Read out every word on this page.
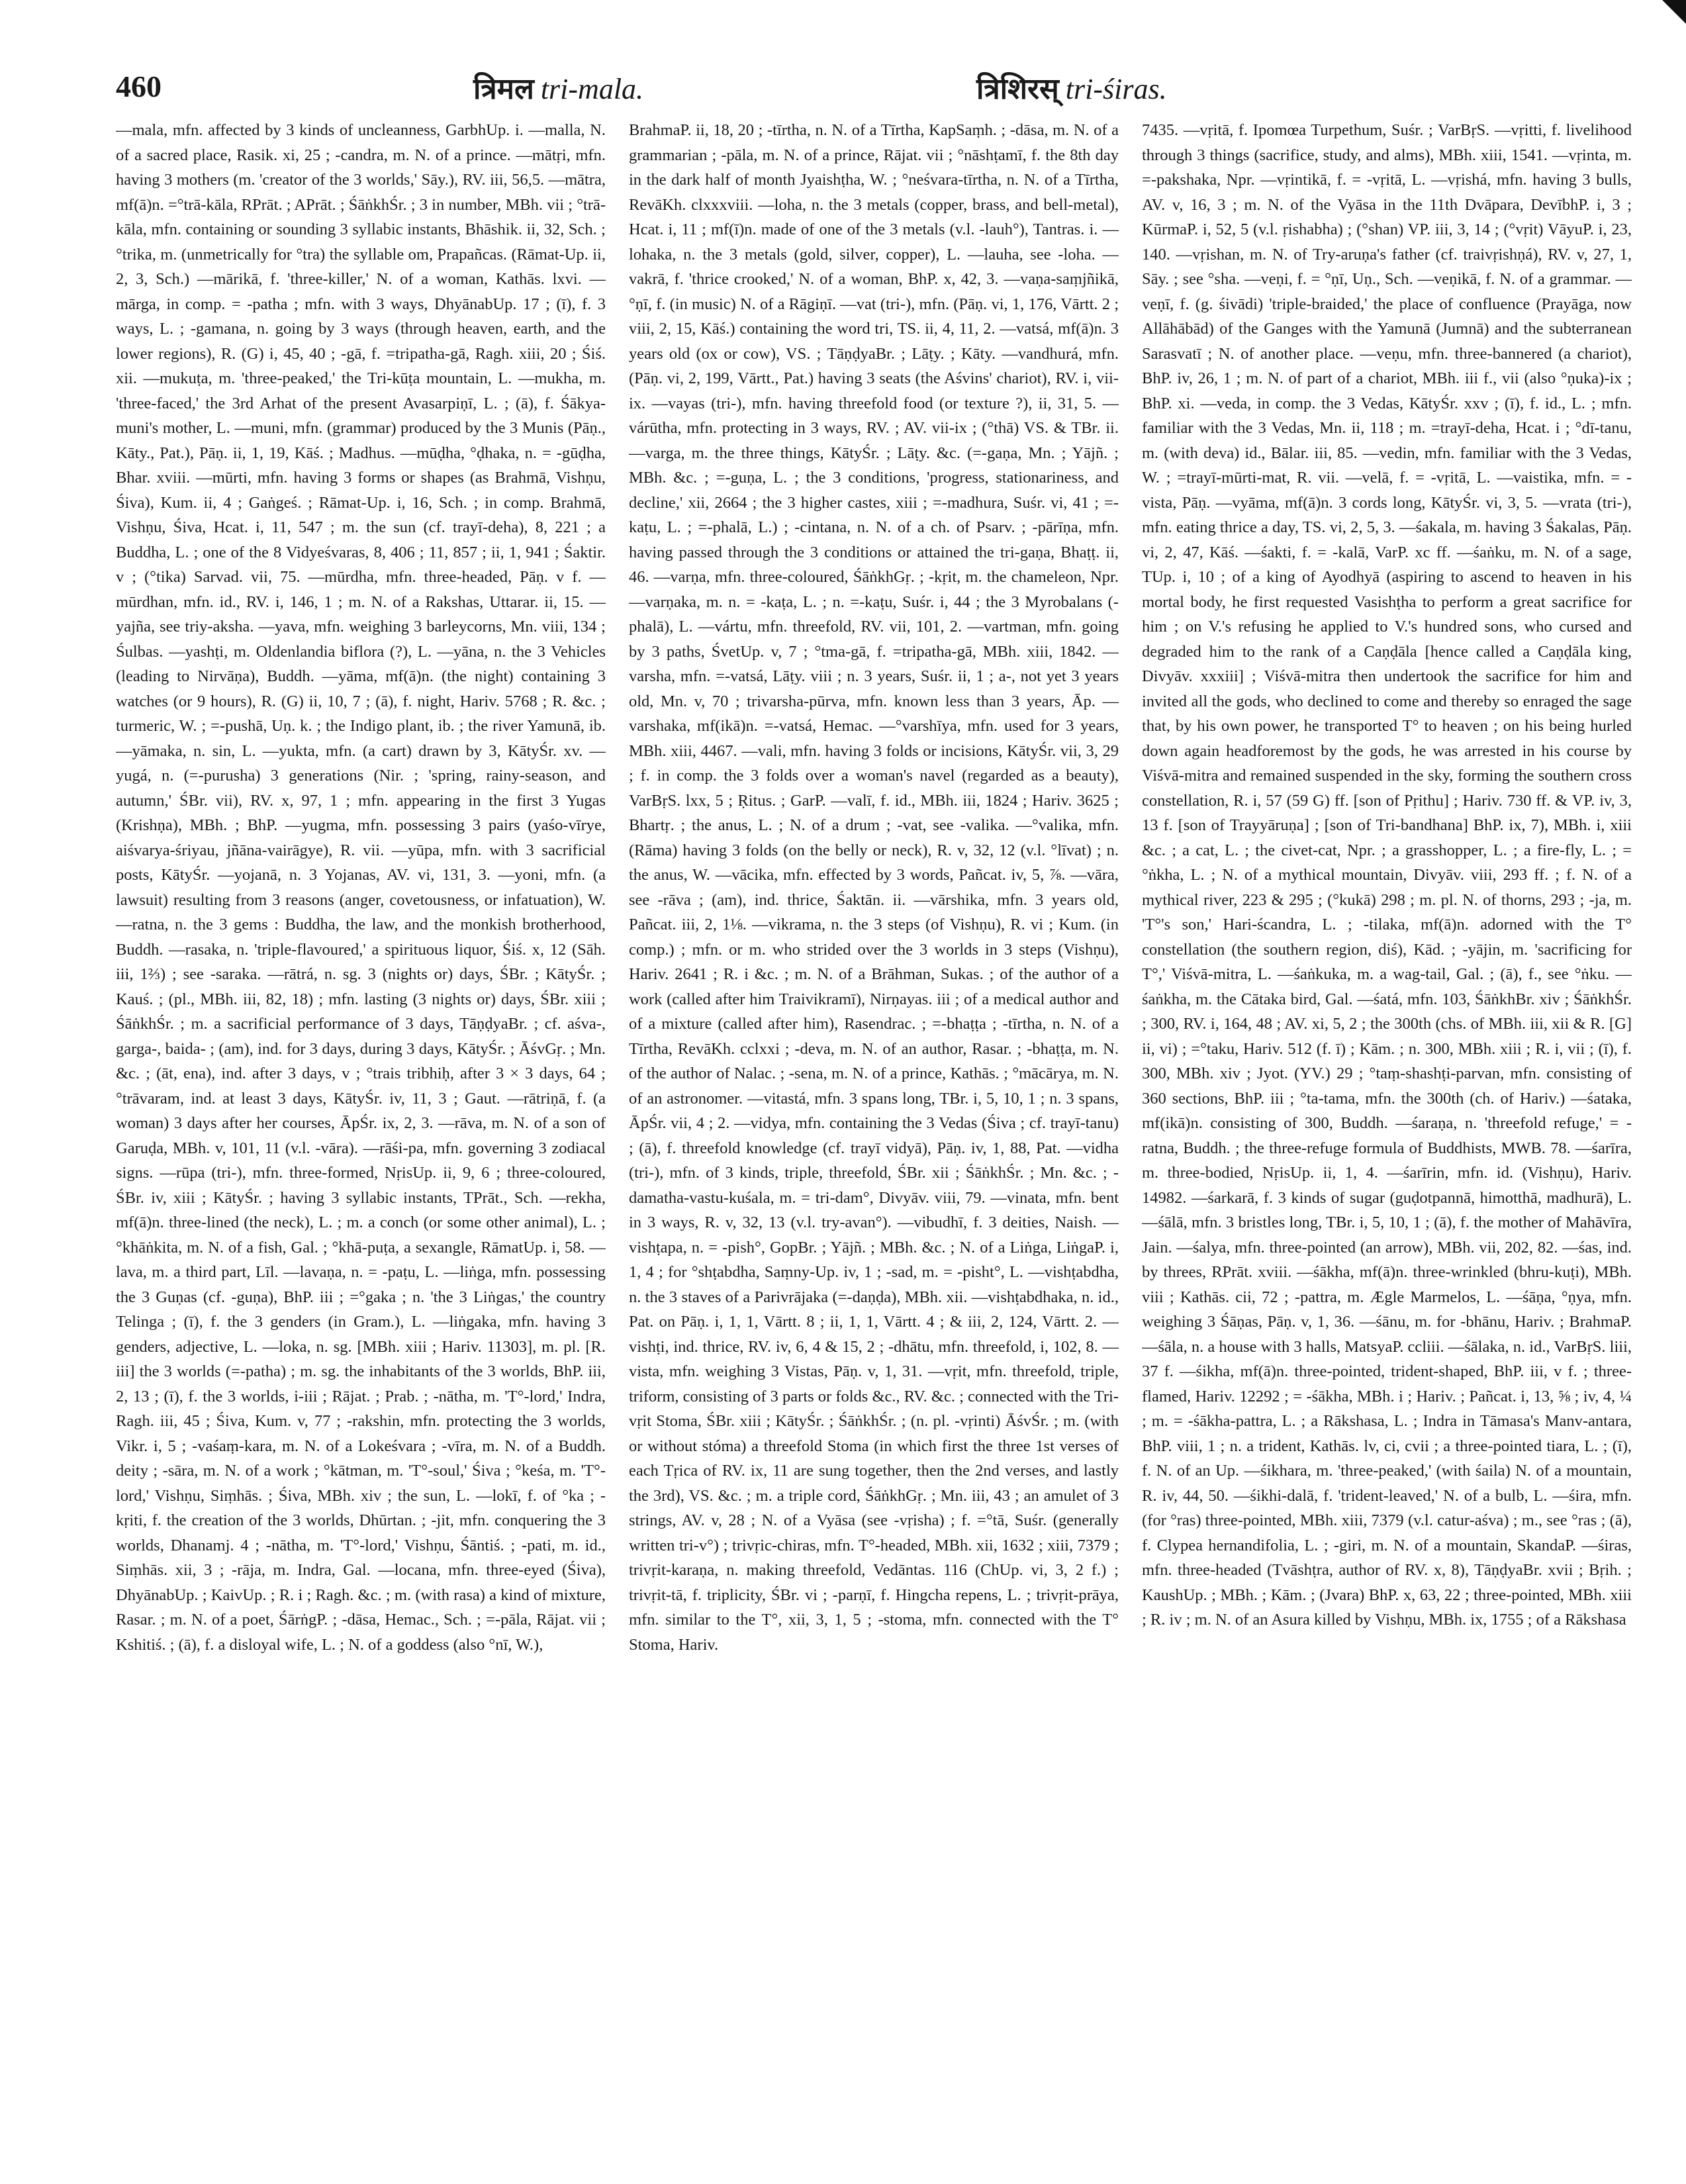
460	त्रिमल tri-mala.	त्रिशिरस् tri-śiras.

—mala, mfn. affected by 3 kinds of uncleanness, GarbhUp. i. —malla, N. of a sacred place, Rasik. xi, 25 ; -candra, m. N. of a prince. —mātṛi, mfn. having 3 mothers (m. 'creator of the 3 worlds,' Sāy.), RV. iii, 56,5. —mātra, mf(ā)n. =°trā-kāla, RPrāt. ; APrāt. ; ŚāṅkhŚr. ; 3 in number, MBh. vii ; °trā-kāla, mfn. containing or sounding 3 syllabic instants, Bhāshik. ii, 32, Sch. ; °trika, m. (unmetrically for °tra) the syllable om, Prapañcas. (Rāmat-Up. ii, 2, 3, Sch.) —mārikā, f. 'three-killer,' N. of a woman, Kathās. lxvi. —mārga, in comp. = -patha ; mfn. with 3 ways, DhyānabUp. 17 ; (ī), f. 3 ways, L. ; -gamana, n. going by 3 ways (through heaven, earth, and the lower regions), R. (G) i, 45, 40 ; -gā, f. =tripatha-gā, Ragh. xiii, 20 ; Śiś. xii. —mukuṭa, m. 'three-peaked,' the Tri-kūṭa mountain, L. —mukha, m. 'three-faced,' the 3rd Arhat of the present Avasarpiṇī, L. ; (ā), f. Śākya-muni's mother, L. —muni, mfn. (grammar) produced by the 3 Munis (Pāṇ., Kāty., Pat.), Pāṇ. ii, 1, 19, Kāś. ; Madhus. —mūḍha, °ḍhaka, n. = -gūḍha, Bhar. xviii. —mūrti, mfn. having 3 forms or shapes (as Brahmā, Vishṇu, Śiva), Kum. ii, 4 ; Gaṅgeś. ; Rāmat-Up. i, 16, Sch. ; in comp. Brahmā, Vishṇu, Śiva, Hcat. i, 11, 547 ; m. the sun (cf. trayī-deha), 8, 221 ; a Buddha, L. ; one of the 8 Vidyeśvaras, 8, 406 ; 11, 857 ; ii, 1, 941 ; Śaktir. v ; (°tika) Sarvad. vii, 75. —mūrdha, mfn. three-headed, Pāṇ. v f. —mūrdhan, mfn. id., RV. i, 146, 1 ; m. N. of a Rakshas, Uttarar. ii, 15. —yajña, see triy-aksha. —yava, mfn. weighing 3 barleycorns, Mn. viii, 134 ; Śulbas. —yashṭi, m. Oldenlandia biflora (?), L. —yāna, n. the 3 Vehicles (leading to Nirvāṇa), Buddh. —yāma, mf(ā)n. (the night) containing 3 watches (or 9 hours), R. (G) ii, 10, 7 ; (ā), f. night, Hariv. 5768 ; R. &c. ; turmeric, W. ; =-pushā, Uṇ. k. ; the Indigo plant, ib. ; the river Yamunā, ib. —yāmaka, n. sin, L. —yukta, mfn. (a cart) drawn by 3, KātyŚr. xv. —yugá, n. (=-purusha) 3 generations (Nir. ; 'spring, rainy-season, and autumn,' ŚBr. vii), RV. x, 97, 1 ; mfn. appearing in the first 3 Yugas (Krishṇa), MBh. ; BhP. —yugma, mfn. possessing 3 pairs (yaśo-vīrye, aiśvarya-śriyau, jñāna-vairāgye), R. vii. —yūpa, mfn. with 3 sacrificial posts, KātyŚr. —yojanā, n. 3 Yojanas, AV. vi, 131, 3. —yoni, mfn. (a lawsuit) resulting from 3 reasons (anger, covetousness, or infatuation), W. —ratna, n. the 3 gems : Buddha, the law, and the monkish brotherhood, Buddh. —rasaka, n. 'triple-flavoured,' a spirituous liquor, Śiś. x, 12 (Sāh. iii, 1⅔) ; see -saraka. —rātrá, n. sg. 3 (nights or) days, ŚBr. ; KātyŚr. ; Kauś. ; (pl., MBh. iii, 82, 18) ; mfn. lasting (3 nights or) days, ŚBr. xiii ; ŚāṅkhŚr. ; m. a sacrificial performance of 3 days, TāṇḍyaBr. ; cf. aśva-, garga-, baida- ; (am), ind. for 3 days, during 3 days, KātyŚr. ; ĀśvGṛ. ; Mn. &c. ; (āt, ena), ind. after 3 days, v ; °trais tribhiḥ, after 3 × 3 days, 64 ; °trāvaram, ind. at least 3 days, KātyŚr. iv, 11, 3 ; Gaut. —rātriṇā, f. (a woman) 3 days after her courses, ĀpŚr. ix, 2, 3. —rāva, m. N. of a son of Garuḍa, MBh. v, 101, 11 (v.l. -vāra). —rāśi-pa, mfn. governing 3 zodiacal signs. —rūpa (tri-), mfn. three-formed, NṛisUp. ii, 9, 6 ; three-coloured, ŚBr. iv, xiii ; KātyŚr. ; having 3 syllabic instants, TPrāt., Sch. —rekha, mf(ā)n. three-lined (the neck), L. ; m. a conch (or some other animal), L. ; °khāṅkita, m. N. of a fish, Gal. ; °khā-puṭa, a sexangle, RāmatUp. i, 58. —lava, m. a third part, Līl. —lavaṇa, n. = -paṭu, L. —liṅga, mfn. possessing the 3 Guṇas (cf. -guṇa), BhP. iii ; =°gaka ; n. 'the 3 Liṅgas,' the country Telinga ; (ī), f. the 3 genders (in Gram.), L. —liṅgaka, mfn. having 3 genders, adjective, L. —loka, n. sg. [MBh. xiii ; Hariv. 11303], m. pl. [R. iii] the 3 worlds (=-patha) ; m. sg. the inhabitants of the 3 worlds, BhP. iii, 2, 13 ; (ī), f. the 3 worlds, i-iii ; Rājat. ; Prab. ; -nātha, m. 'T°-lord,' Indra, Ragh. iii, 45 ; Śiva, Kum. v, 77 ; -rakshin, mfn. protecting the 3 worlds, Vikr. i, 5 ; -vaśaṃ-kara, m. N. of a Lokeśvara ; -vīra, m. N. of a Buddh. deity ; -sāra, m. N. of a work ; °kātman, m. 'T°-soul,' Śiva ; °keśa, m. 'T°-lord,' Vishṇu, Siṃhās. ; Śiva, MBh. xiv ; the sun, L. —lokī, f. of °ka ; -kṛiti, f. the creation of the 3 worlds, Dhūrtan. ; -jit, mfn. conquering the 3 worlds, Dhanamj. 4 ; -nātha, m. 'T°-lord,' Vishṇu, Śāntiś. ; -pati, m. id., Siṃhās. xii, 3 ; -rāja, m. Indra, Gal. —locana, mfn. three-eyed (Śiva), DhyānabUp. ; KaivUp. ; R. i ; Ragh. &c. ; m. (with rasa) a kind of mixture, Rasar. ; m. N. of a poet, ŚārṅgP. ; -dāsa, Hemac., Sch. ; =-pāla, Rājat. vii ; Kshitiś. ; (ā), f. a disloyal wife, L. ; N. of a goddess (also °nī, W.),

BrahmaP. ii, 18, 20 ; -tīrtha, n. N. of a Tīrtha, KapSaṃh. ; -dāsa, m. N. of a grammarian ; -pāla, m. N. of a prince, Rājat. vii ; °nāshṭamī, f. the 8th day in the dark half of month Jyaishṭha, W. ; °neśvara-tīrtha, n. N. of a Tīrtha, RevāKh. clxxxviii. —loha, n. the 3 metals (copper, brass, and bell-metal), Hcat. i, 11 ; mf(ī)n. made of one of the 3 metals (v.l. -lauh°), Tantras. i. —lohaka, n. the 3 metals (gold, silver, copper), L. —lauha, see -loha. —vakrā, f. 'thrice crooked,' N. of a woman, BhP. x, 42, 3. —vaṇa-saṃjñikā, °ṇī, f. (in music) N. of a Rāgiṇī. —vat (tri-), mfn. (Pāṇ. vi, 1, 176, Vārtt. 2 ; viii, 2, 15, Kāś.) containing the word tri, TS. ii, 4, 11, 2. —vatsá, mf(ā)n. 3 years old (ox or cow), VS. ; TāṇḍyaBr. ; Lāṭy. ; Kāty. —vandhurá, mfn. (Pāṇ. vi, 2, 199, Vārtt., Pat.) having 3 seats (the Aśvins' chariot), RV. i, vii-ix. —vayas (tri-), mfn. having threefold food (or texture ?), ii, 31, 5. —várūtha, mfn. protecting in 3 ways, RV. ; AV. vii-ix ; (°thā) VS. & TBr. ii. —varga, m. the three things, KātyŚr. ; Lāṭy. &c. (=-gaṇa, Mn. ; Yājñ. ; MBh. &c. ; =-guṇa, L. ; the 3 conditions, 'progress, stationariness, and decline,' xii, 2664 ; the 3 higher castes, xiii ; =-madhura, Suśr. vi, 41 ; =-kaṭu, L. ; =-phalā, L.) ; -cintana, n. N. of a ch. of Psarv. ; -pārīṇa, mfn. having passed through the 3 conditions or attained the tri-gaṇa, Bhaṭṭ. ii, 46. —varṇa, mfn. three-coloured, ŚāṅkhGṛ. ; -kṛit, m. the chameleon, Npr. —varṇaka, m. n. = -kaṭa, L. ; n. =-kaṭu, Suśr. i, 44 ; the 3 Myrobalans (-phalā), L. —vártu, mfn. threefold, RV. vii, 101, 2. —vartman, mfn. going by 3 paths, ŚvetUp. v, 7 ; °tma-gā, f. =tripatha-gā, MBh. xiii, 1842. —varsha, mfn. =-vatsá, Lāṭy. viii ; n. 3 years, Suśr. ii, 1 ; a-, not yet 3 years old, Mn. v, 70 ; trivarsha-pūrva, mfn. known less than 3 years, Āp. —varshaka, mf(ikā)n. =-vatsá, Hemac. —°varshīya, mfn. used for 3 years, MBh. xiii, 4467. —vali, mfn. having 3 folds or incisions, KātyŚr. vii, 3, 29 ; f. in comp. the 3 folds over a woman's navel (regarded as a beauty), VarBṛS. lxx, 5 ; Ṛitus. ; GarP. —valī, f. id., MBh. iii, 1824 ; Hariv. 3625 ; Bhartṛ. ; the anus, L. ; N. of a drum ; -vat, see -valika. —°valika, mfn. (Rāma) having 3 folds (on the belly or neck), R. v, 32, 12 (v.l. °līvat) ; n. the anus, W. —vācika, mfn. effected by 3 words, Pañcat. iv, 5, ⅞. —vāra, see -rāva ; (am), ind. thrice, Śaktān. ii. —vārshika, mfn. 3 years old, Pañcat. iii, 2, 1⅛. —vikrama, n. the 3 steps (of Vishṇu), R. vi ; Kum. (in comp.) ; mfn. or m. who strided over the 3 worlds in 3 steps (Vishṇu), Hariv. 2641 ; R. i &c. ; m. N. of a Brāhman, Sukas. ; of the author of a work (called after him Traivikramī), Nirṇayas. iii ; of a medical author and of a mixture (called after him), Rasendrac. ; =-bhaṭṭa ; -tīrtha, n. N. of a Tīrtha, RevāKh. cclxxi ; -deva, m. N. of an author, Rasar. ; -bhaṭṭa, m. N. of the author of Nalac. ; -sena, m. N. of a prince, Kathās. ; °mācārya, m. N. of an astronomer. —vitastá, mfn. 3 spans long, TBr. i, 5, 10, 1 ; n. 3 spans, ĀpŚr. vii, 4 ; 2. —vidya, mfn. containing the 3 Vedas (Śiva ; cf. trayī-tanu) ; (ā), f. threefold knowledge (cf. trayī vidyā), Pāṇ. iv, 1, 88, Pat. —vidha (tri-), mfn. of 3 kinds, triple, threefold, ŚBr. xii ; ŚāṅkhŚr. ; Mn. &c. ; -damatha-vastu-kuśala, m. = tri-dam°, Divyāv. viii, 79. —vinata, mfn. bent in 3 ways, R. v, 32, 13 (v.l. try-avan°). —vibudhī, f. 3 deities, Naish. —vishṭapa, n. = -pish°, GopBr. ; Yājñ. ; MBh. &c. ; N. of a Liṅga, LiṅgaP. i, 1, 4 ; for °shṭabdha, Saṃny-Up. iv, 1 ; -sad, m. = -pisht°, L. —vishṭabdha, n. the 3 staves of a Parivrājaka (=-daṇḍa), MBh. xii. —vishṭabdhaka, n. id., Pat. on Pāṇ. i, 1, 1, Vārtt. 8 ; ii, 1, 1, Vārtt. 4 ; & iii, 2, 124, Vārtt. 2. —vishṭi, ind. thrice, RV. iv, 6, 4 & 15, 2 ; -dhātu, mfn. threefold, i, 102, 8. —vista, mfn. weighing 3 Vistas, Pāṇ. v, 1, 31. —vṛit, mfn. threefold, triple, triform, consisting of 3 parts or folds &c., RV. &c. ; connected with the Tri-vṛit Stoma, ŚBr. xiii ; KātyŚr. ; ŚāṅkhŚr. ; (n. pl. -vṛinti) ĀśvŚr. ; m. (with or without stóma) a threefold Stoma (in which first the three 1st verses of each Tṛica of RV. ix, 11 are sung together, then the 2nd verses, and lastly the 3rd), VS. &c. ; m. a triple cord, ŚāṅkhGṛ. ; Mn. iii, 43 ; an amulet of 3 strings, AV. v, 28 ; N. of a Vyāsa (see -vṛisha) ; f. =°tā, Suśr. (generally written tri-v°) ; trivṛic-chiras, mfn. T°-headed, MBh. xii, 1632 ; xiii, 7379 ; trivṛit-karaṇa, n. making threefold, Vedāntas. 116 (ChUp. vi, 3, 2 f.) ; trivṛit-tā, f. triplicity, ŚBr. vi ; -parṇī, f. Hingcha repens, L. ; trivṛit-prāya, mfn. similar to the T°, xii, 3, 1, 5 ; -stoma, mfn. connected with the T° Stoma, Hariv.

7435. —vṛitā, f. Ipomœa Turpethum, Suśr. ; VarBṛS. —vṛitti, f. livelihood through 3 things (sacrifice, study, and alms), MBh. xiii, 1541. —vṛinta, m. =-pakshaka, Npr. —vṛintikā, f. = -vṛitā, L. —vṛishá, mfn. having 3 bulls, AV. v, 16, 3 ; m. N. of the Vyāsa in the 11th Dvāpara, DevībhP. i, 3 ; KūrmaP. i, 52, 5 (v.l. ṛishabha) ; (°shan) VP. iii, 3, 14 ; (°vṛit) VāyuP. i, 23, 140. —vṛishan, m. N. of Try-aruṇa's father (cf. traivṛishṇá), RV. v, 27, 1, Sāy. ; see °sha. —veṇi, f. = °ṇī, Uṇ., Sch. —veṇikā, f. N. of a grammar. —veṇī, f. (g. śivādi) 'triple-braided,' the place of confluence (Prayāga, now Allāhābād) of the Ganges with the Yamunā (Jumnā) and the subterranean Sarasvatī ; N. of another place. —veṇu, mfn. three-bannered (a chariot), BhP. iv, 26, 1 ; m. N. of part of a chariot, MBh. iii f., vii (also °ṇuka)-ix ; BhP. xi. —veda, in comp. the 3 Vedas, KātyŚr. xxv ; (ī), f. id., L. ; mfn. familiar with the 3 Vedas, Mn. ii, 118 ; m. =trayī-deha, Hcat. i ; °dī-tanu, m. (with deva) id., Bālar. iii, 85. —vedin, mfn. familiar with the 3 Vedas, W. ; =trayī-mūrti-mat, R. vii. —velā, f. = -vṛitā, L. —vaistika, mfn. = -vista, Pāṇ. —vyāma, mf(ā)n. 3 cords long, KātyŚr. vi, 3, 5. —vrata (tri-), mfn. eating thrice a day, TS. vi, 2, 5, 3. —śakala, m. having 3 Śakalas, Pāṇ. vi, 2, 47, Kāś. —śakti, f. = -kalā, VarP. xc ff. —śaṅku, m. N. of a sage, TUp. i, 10 ; of a king of Ayodhyā (aspiring to ascend to heaven in his mortal body, he first requested Vasishṭha to perform a great sacrifice for him ; on V.'s refusing he applied to V.'s hundred sons, who cursed and degraded him to the rank of a Caṇḍāla [hence called a Caṇḍāla king, Divyāv. xxxiii] ; Viśvā-mitra then undertook the sacrifice for him and invited all the gods, who declined to come and thereby so enraged the sage that, by his own power, he transported T° to heaven ; on his being hurled down again headforemost by the gods, he was arrested in his course by Viśvā-mitra and remained suspended in the sky, forming the southern cross constellation, R. i, 57 (59 G) ff. [son of Pṛithu] ; Hariv. 730 ff. & VP. iv, 3, 13 f. [son of Trayyāruṇa] ; [son of Tri-bandhana] BhP. ix, 7), MBh. i, xiii &c. ; a cat, L. ; the civet-cat, Npr. ; a grasshopper, L. ; a fire-fly, L. ; = °ṅkha, L. ; N. of a mythical mountain, Divyāv. viii, 293 ff. ; f. N. of a mythical river, 223 & 295 ; (°kukā) 298 ; m. pl. N. of thorns, 293 ; -ja, m. 'T°'s son,' Hari-ścandra, L. ; -tilaka, mf(ā)n. adorned with the T° constellation (the southern region, diś), Kād. ; -yājin, m. 'sacrificing for T°,' Viśvā-mitra, L. —śaṅkuka, m. a wag-tail, Gal. ; (ā), f., see °ṅku. —śaṅkha, m. the Cātaka bird, Gal. —śatá, mfn. 103, ŚāṅkhBr. xiv ; ŚāṅkhŚr. ; 300, RV. i, 164, 48 ; AV. xi, 5, 2 ; the 300th (chs. of MBh. iii, xii & R. [G] ii, vi) ; =°taku, Hariv. 512 (f. ī) ; Kām. ; n. 300, MBh. xiii ; R. i, vii ; (ī), f. 300, MBh. xiv ; Jyot. (YV.) 29 ; °taṃ-shashṭi-parvan, mfn. consisting of 360 sections, BhP. iii ; °ta-tama, mfn. the 300th (ch. of Hariv.) —śataka, mf(ikā)n. consisting of 300, Buddh. —śaraṇa, n. 'threefold refuge,' = -ratna, Buddh. ; the three-refuge formula of Buddhists, MWB. 78. —śarīra, m. three-bodied, NṛisUp. ii, 1, 4. —śarīrin, mfn. id. (Vishṇu), Hariv. 14982. —śarkarā, f. 3 kinds of sugar (guḍotpannā, himotthā, madhurā), L. —śālā, mfn. 3 bristles long, TBr. i, 5, 10, 1 ; (ā), f. the mother of Mahāvīra, Jain. —śalya, mfn. three-pointed (an arrow), MBh. vii, 202, 82. —śas, ind. by threes, RPrāt. xviii. —śākha, mf(ā)n. three-wrinkled (bhru-kuṭi), MBh. viii ; Kathās. cii, 72 ; -pattra, m. Ægle Marmelos, L. —śāṇa, °ṇya, mfn. weighing 3 Śāṇas, Pāṇ. v, 1, 36. —śānu, m. for -bhānu, Hariv. ; BrahmaP. —śāla, n. a house with 3 halls, MatsyaP. ccliii. —śālaka, n. id., VarBṛS. liii, 37 f. —śikha, mf(ā)n. three-pointed, trident-shaped, BhP. iii, v f. ; three-flamed, Hariv. 12292 ; = -śākha, MBh. i ; Hariv. ; Pañcat. i, 13, ⅝ ; iv, 4, ¼ ; m. = -śākha-pattra, L. ; a Rākshasa, L. ; Indra in Tāmasa's Manv-antara, BhP. viii, 1 ; n. a trident, Kathās. lv, ci, cvii ; a three-pointed tiara, L. ; (ī), f. N. of an Up. —śikhara, m. 'three-peaked,' (with śaila) N. of a mountain, R. iv, 44, 50. —śikhi-dalā, f. 'trident-leaved,' N. of a bulb, L. —śira, mfn. (for °ras) three-pointed, MBh. xiii, 7379 (v.l. catur-aśva) ; m., see °ras ; (ā), f. Clypea hernandifolia, L. ; -giri, m. N. of a mountain, SkandaP. —śiras, mfn. three-headed (Tvāshṭra, author of RV. x, 8), TāṇḍyaBr. xvii ; Bṛih. ; KaushUp. ; MBh. ; Kām. ; (Jvara) BhP. x, 63, 22 ; three-pointed, MBh. xiii ; R. iv ; m. N. of an Asura killed by Vishṇu, MBh. ix, 1755 ; of a Rākshasa
